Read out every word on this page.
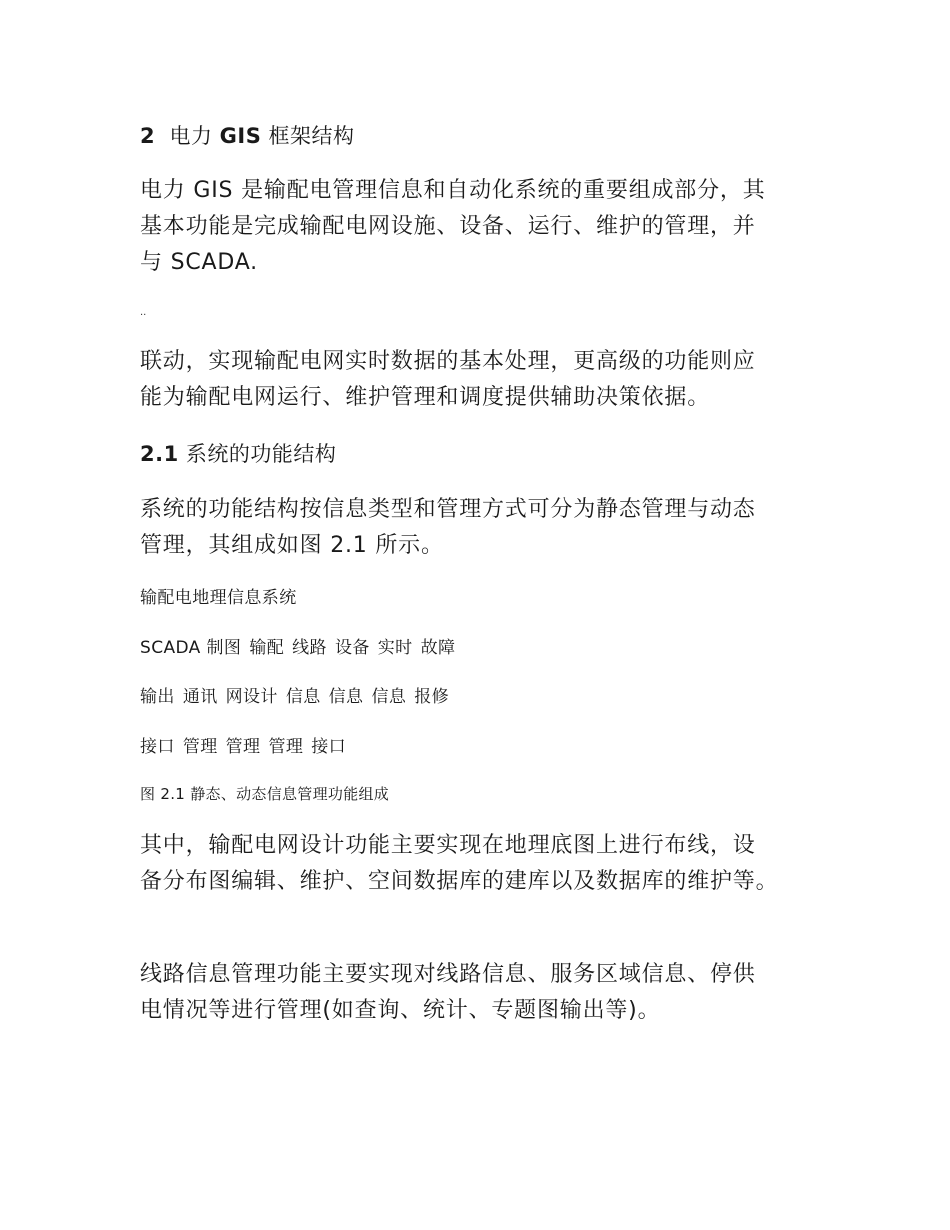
2 电力 GIS 框架结构
电力 GIS 是输配电管理信息和自动化系统的重要组成部分，其
基本功能是完成输配电网设施、设备、运行、维护的管理，并
与 SCADA.
..
联动，实现输配电网实时数据的基本处理，更高级的功能则应
能为输配电网运行、维护管理和调度提供辅助决策依据。
2.1 系统的功能结构
系统的功能结构按信息类型和管理方式可分为静态管理与动态
管理，其组成如图 2.1 所示。
输配电地理信息系统
SCADA 制图 输配 线路 设备 实时 故障
输出 通讯 网设计 信息 信息 信息 报修
接口 管理 管理 管理 接口
图 2.1 静态、动态信息管理功能组成
其中，输配电网设计功能主要实现在地理底图上进行布线，设
备分布图编辑、维护、空间数据库的建库以及数据库的维护等。
线路信息管理功能主要实现对线路信息、服务区域信息、停供
电情况等进行管理(如查询、统计、专题图输出等)。
